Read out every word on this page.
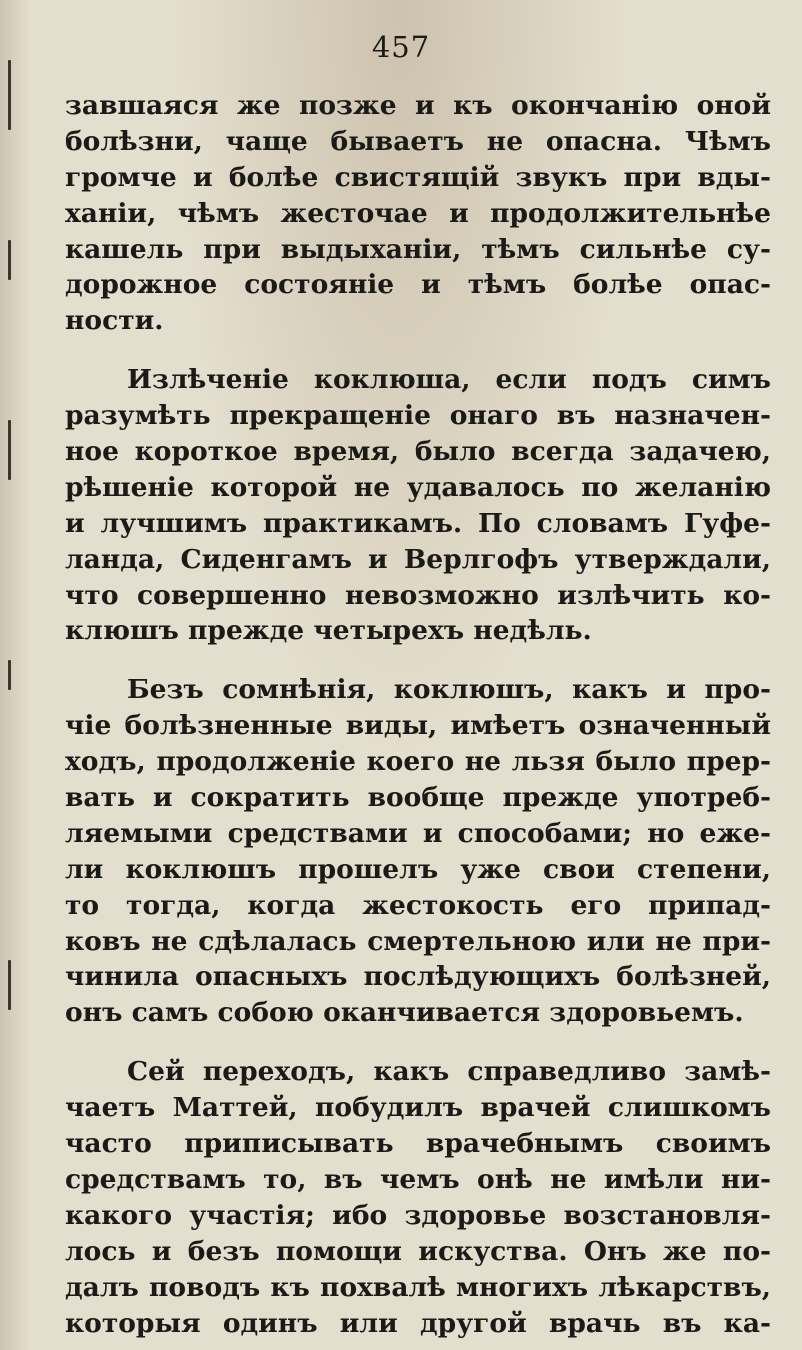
457
завшаяся же позже и къ окончанію оной
болѣзни, чаще бываетъ не опасна. Чѣмъ
громче и болѣе свистящій звукъ при вды-
ханіи, чѣмъ жесточае и продолжительнѣе
кашель при выдыханіи, тѣмъ сильнѣе су-
дорожное состояніе и тѣмъ болѣе опас-
ности.
Излѣченіе коклюша, если подъ симъ
разумѣть прекращеніе онаго въ назначен-
ное короткое время, было всегда задачею,
рѣшеніе которой не удавалось по желанію
и лучшимъ практикамъ. По словамъ Гуфе-
ланда, Сиденгамъ и Верлгофъ утверждали,
что совершенно невозможно излѣчить ко-
клюшъ прежде четырехъ недѣль.
Безъ сомнѣнія, коклюшъ, какъ и про-
чіе болѣзненные виды, имѣетъ означенный
ходъ, продолженіе коего не льзя было прер-
вать и сократить вообще прежде употреб-
ляемыми средствами и способами; но еже-
ли коклюшъ прошелъ уже свои степени,
то тогда, когда жестокость его припад-
ковъ не сдѣлалась смертельною или не при-
чинила опасныхъ послѣдующихъ болѣзней,
онъ самъ собою оканчивается здоровьемъ.
Сей переходъ, какъ справедливо замѣ-
чаетъ Маттей, побудилъ врачей слишкомъ
часто приписывать врачебнымъ своимъ
средствамъ то, въ чемъ онѣ не имѣли ни-
какого участія; ибо здоровье возстановля-
лось и безъ помощи искуства. Онъ же по-
далъ поводъ къ похвалѣ многихъ лѣкарствъ,
которыя одинъ или другой врачь въ ка-
